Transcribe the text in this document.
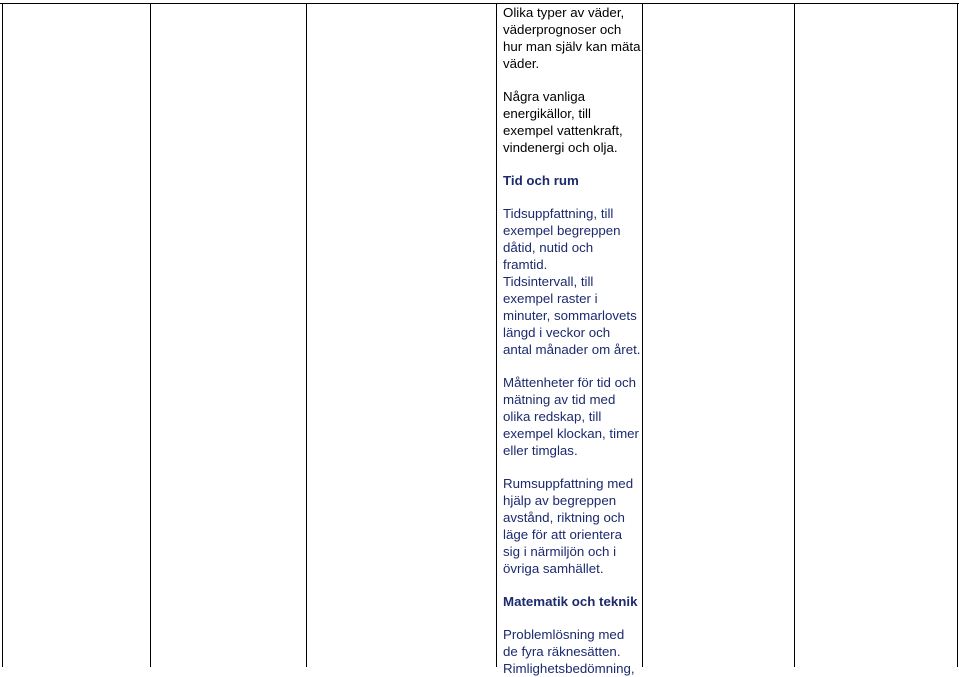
Olika typer av väder, väderprognoser och hur man själv kan mäta väder.

Några vanliga energikällor, till exempel vattenkraft, vindenergi och olja.

Tid och rum

Tidsuppfattning, till exempel begreppen dåtid, nutid och framtid.

Tidsintervall, till exempel raster i minuter, sommarlovets längd i veckor och antal månader om året.

Måttenheter för tid och mätning av tid med olika redskap, till exempel klockan, timer eller timglas.

Rumsuppfattning med hjälp av begreppen avstånd, riktning och läge för att orientera sig i närmiljön och i övriga samhället.

Matematik och teknik

Problemlösning med de fyra räknesätten.

Rimlighetsbedömning,
